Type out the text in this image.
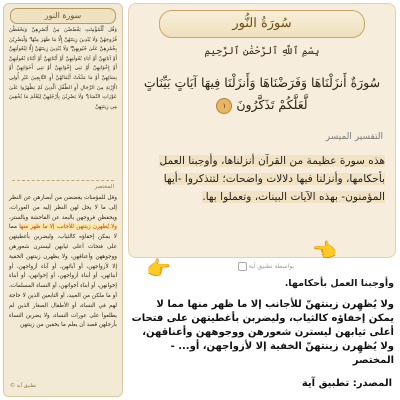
سورة النور
وَقُل لِّلْمُؤْمِنَٰتِ يَغْضُضْنَ مِنْ أَبْصَٰرِهِنَّ وَيَحْفَظْنَ فُرُوجَهُنَّ وَلَا يُبْدِينَ زِينَتَهُنَّ إِلَّا مَا ظَهَرَ مِنْهَا ۖ وَلْيَضْرِبْنَ بِخُمُرِهِنَّ عَلَىٰ جُيُوبِهِنَّ ۖ وَلَا يُبْدِينَ زِينَتَهُنَّ إِلَّا لِبُعُولَتِهِنَّ أَوْ آبَائِهِنَّ أَوْ آبَاءِ بُعُولَتِهِنَّ أَوْ أَبْنَائِهِنَّ أَوْ أَبْنَاءِ بُعُولَتِهِنَّ أَوْ إِخْوَانِهِنَّ أَوْ بَنِي إِخْوَانِهِنَّ أَوْ بَنِي أَخَوَاتِهِنَّ أَوْ نِسَائِهِنَّ أَوْ مَا مَلَكَتْ أَيْمَانُهُنَّ أَوِ التَّابِعِينَ غَيْرِ أُولِي الْإِرْبَةِ مِنَ الرِّجَالِ أَوِ الطِّفْلِ الَّذِينَ لَمْ يَظْهَرُوا عَلَىٰ عَوْرَاتِ النِّسَاءِ ۖ وَلَا يَضْرِبْنَ بِأَرْجُلِهِنَّ لِيُعْلَمَ مَا يُخْفِينَ مِن زِينَتِهِنَّ
المختصر
وقل للمؤمنات يغضضن من أبصارهن عن النظر إلى ما لا يحل لهن النظر إليه من العورات، ويحفظن فروجهن بالبعد عن الفاحشة وبالستر، ولا يُظهرن زينتهن للأجانب إلا ما ظهر منها مما لا يمكن إخفاؤه كالثياب، وليضربن بأغطيتهن على فتحات أعلى ثيابهن ليسترن شعورهن ووجوههن وأعناقهن، ولا يظهرن زينتهن الخفية إلا لأزواجهن، أو آبائهن، أو آباء أزواجهن، أو أبنائهن، أو أبناء أزواجهن، أو إخوانهن، أو أبناء إخوانهن، أو أبناء أخواتهن، أو النساء المسلمات، أو ما ملكن من العبيد، أو التابعين الذين لا حاجة لهم في النساء، أو الأطفال الصغار الذين لم يطلعوا على عورات النساء، ولا يضربن النساء بأرجلهن قصد أن يعلم ما يخفين من زينتهن
© تطبيق آية
سُورَةُ النُّور
بِسْمِ ٱللَّهِ ٱلرَّحْمَٰنِ ٱلرَّحِيمِ
سُورَةٌ أَنزَلْنَاهَا وَفَرَضْنَاهَا وَأَنزَلْنَا فِيهَا آيَاتٍ بَيِّنَاتٍ لَّعَلَّكُمْ تَذَكَّرُونَ ١
التفسير الميسر
هذه سورة عظيمة من القرآن أنزلناها، وأوجبنا العمل بأحكامها، وأنزلنا فيها دلالات واضحات؛ لتتذكروا -أيها المؤمنون- بهذه الآيات البينات، وتعملوا بها.
👈
👉	بواسطة تطبيق آية
وأوجبنا العمل بأحكامها.
ولا يُظهِرن زينتهنّ للأجانب إلا ما ظهر منها مما لا يمكن إخفاؤه كالثياب، وليضربن بأغطيتهن على فتحات أعلى ثيابهن ليسترن شعورهن ووجوههن وأعناقهن، ولا يُظهِرن زينتهنّ الخفية إلا لأزواجهن، أو... - المختصر
المصدر: تطبيق آية
